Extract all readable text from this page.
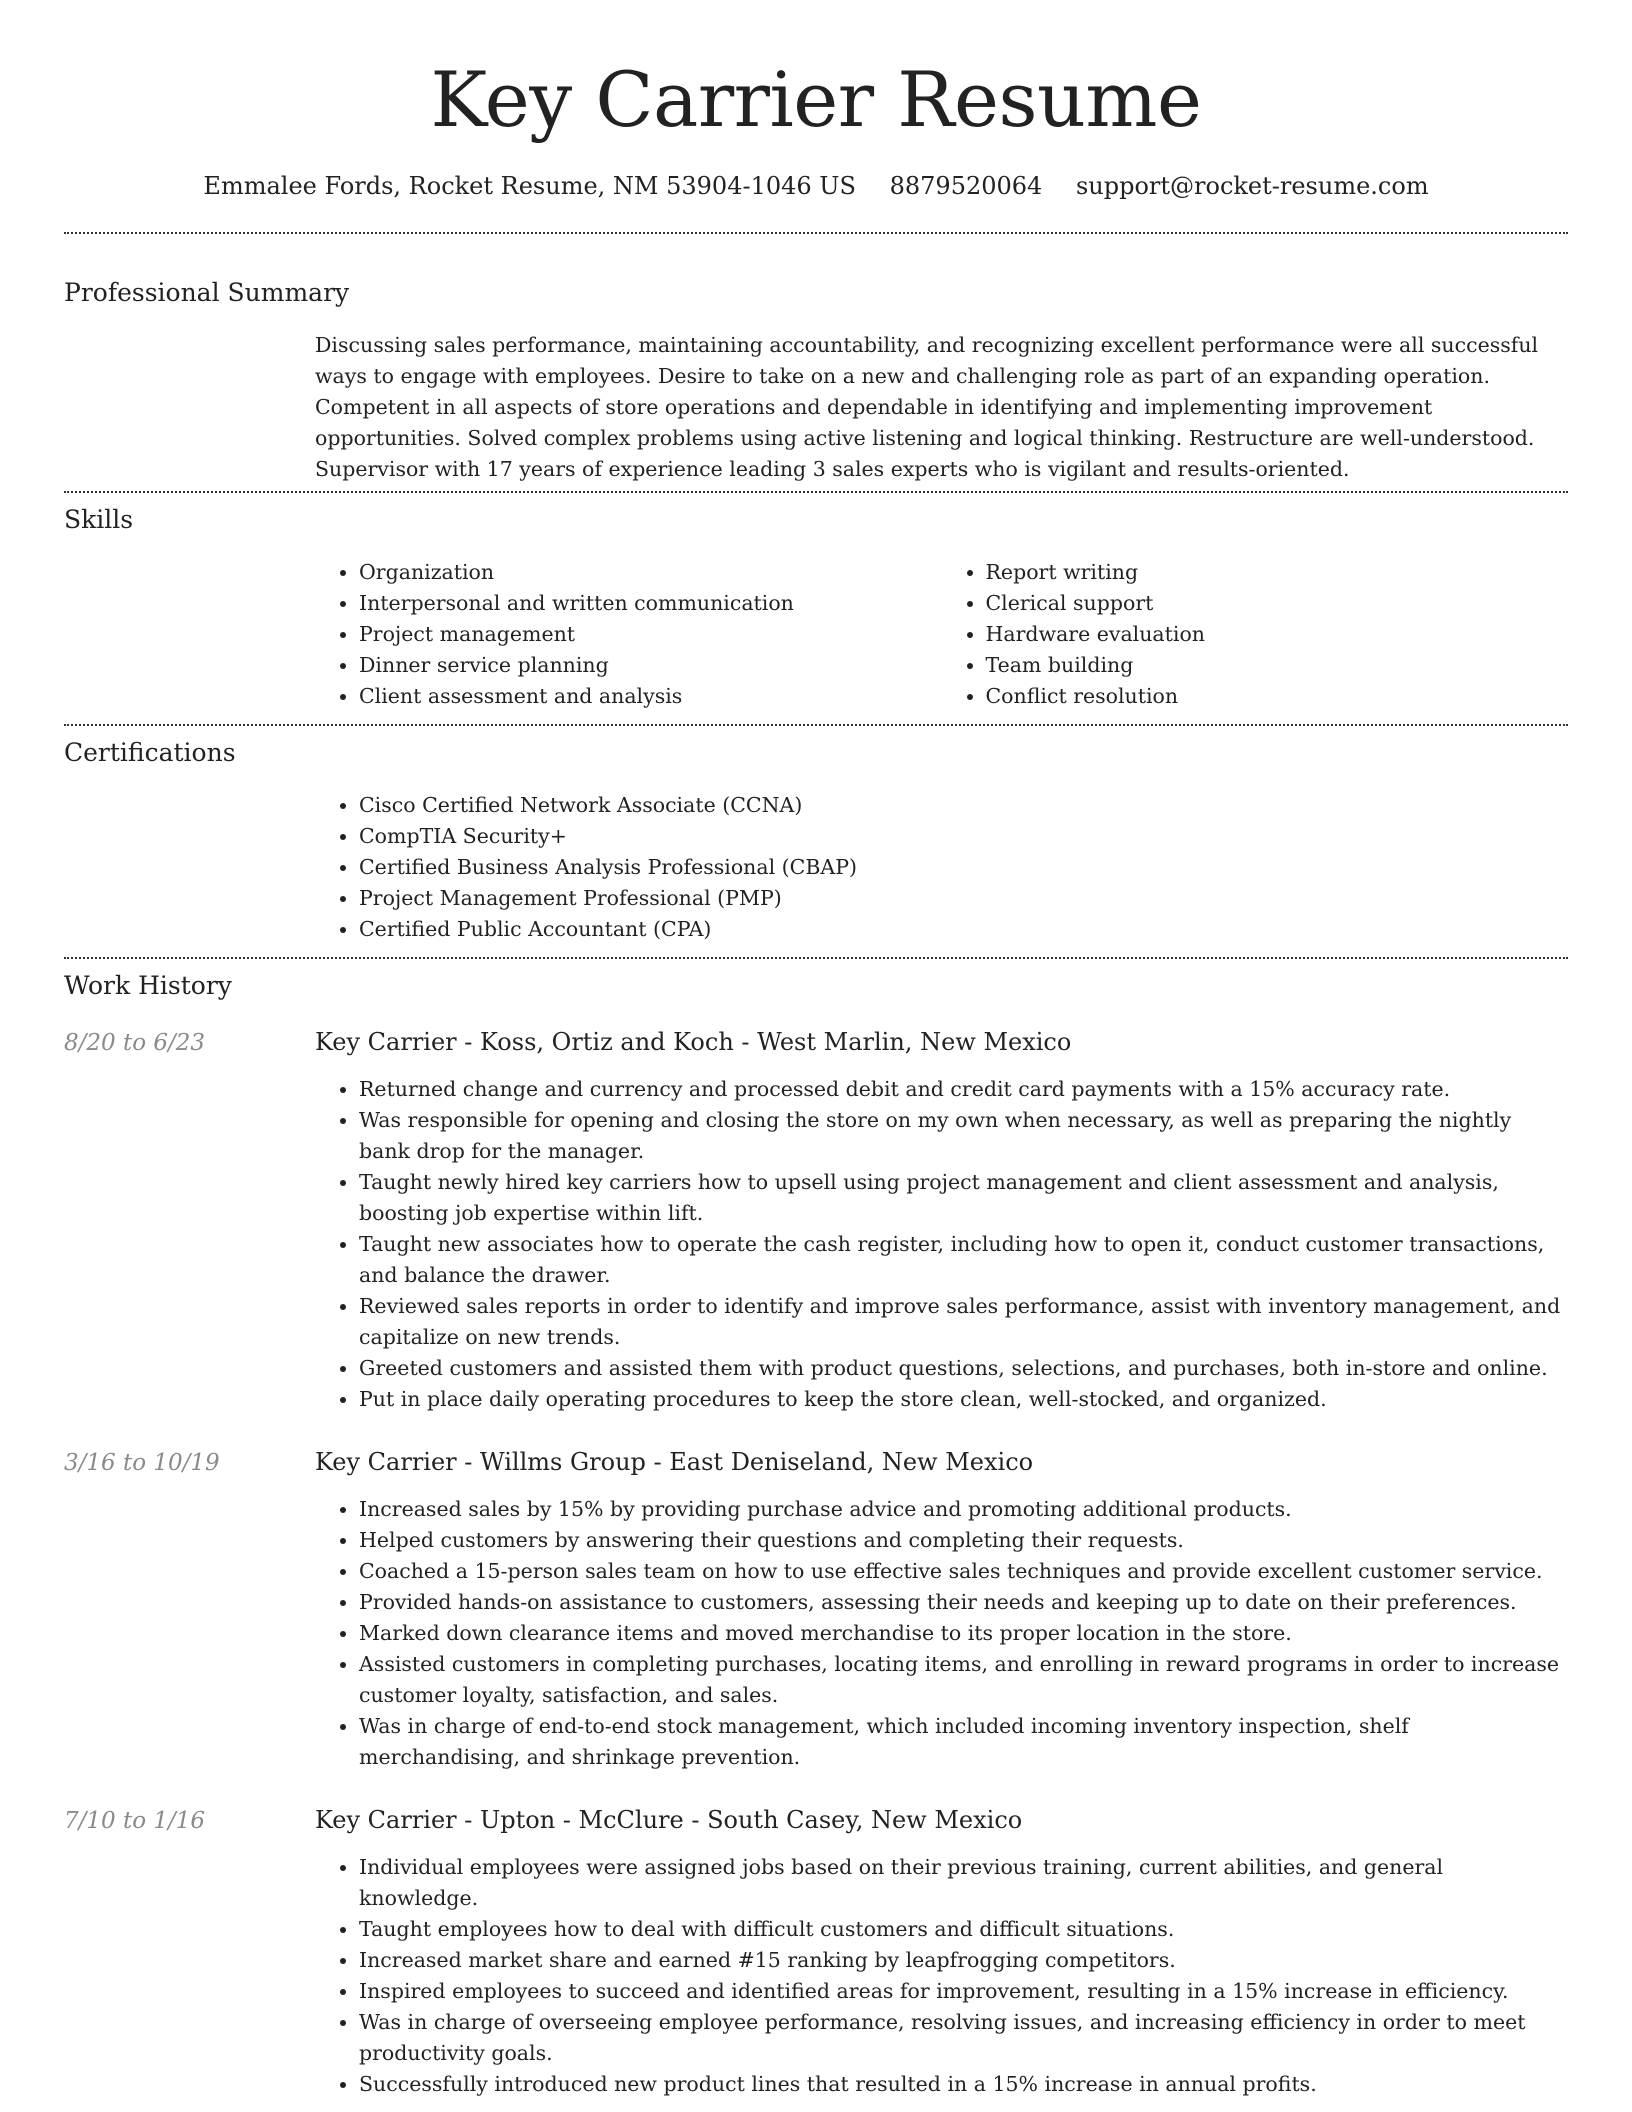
Key Carrier Resume
Emmalee Fords, Rocket Resume, NM 53904-1046 US 8879520064 support@rocket-resume.com
Professional Summary

Discussing sales performance, maintaining accountability, and recognizing excellent performance were all successful ways to engage with employees. Desire to take on a new and challenging role as part of an expanding operation. Competent in all aspects of store operations and dependable in identifying and implementing improvement opportunities. Solved complex problems using active listening and logical thinking. Restructure are well-understood. Supervisor with 17 years of experience leading 3 sales experts who is vigilant and results-oriented.

Skills
• Organization
• Interpersonal and written communication
• Project management
• Dinner service planning
• Client assessment and analysis
• Report writing
• Clerical support
• Hardware evaluation
• Team building
• Conflict resolution
Certifications
• Cisco Certified Network Associate (CCNA)
• CompTIA Security+
• Certified Business Analysis Professional (CBAP)
• Project Management Professional (PMP)
• Certified Public Accountant (CPA)
Work History
8/20 to 6/23	Key Carrier - Koss, Ortiz and Koch - West Marlin, New Mexico
• Returned change and currency and processed debit and credit card payments with a 15% accuracy rate.
• Was responsible for opening and closing the store on my own when necessary, as well as preparing the nightly bank drop for the manager.
• Taught newly hired key carriers how to upsell using project management and client assessment and analysis, boosting job expertise within lift.
• Taught new associates how to operate the cash register, including how to open it, conduct customer transactions, and balance the drawer.
• Reviewed sales reports in order to identify and improve sales performance, assist with inventory management, and capitalize on new trends.
• Greeted customers and assisted them with product questions, selections, and purchases, both in-store and online.
• Put in place daily operating procedures to keep the store clean, well-stocked, and organized.
3/16 to 10/19	Key Carrier - Willms Group - East Deniseland, New Mexico
• Increased sales by 15% by providing purchase advice and promoting additional products.
• Helped customers by answering their questions and completing their requests.
• Coached a 15-person sales team on how to use effective sales techniques and provide excellent customer service.
• Provided hands-on assistance to customers, assessing their needs and keeping up to date on their preferences.
• Marked down clearance items and moved merchandise to its proper location in the store.
• Assisted customers in completing purchases, locating items, and enrolling in reward programs in order to increase customer loyalty, satisfaction, and sales.
• Was in charge of end-to-end stock management, which included incoming inventory inspection, shelf merchandising, and shrinkage prevention.
7/10 to 1/16	Key Carrier - Upton - McClure - South Casey, New Mexico
• Individual employees were assigned jobs based on their previous training, current abilities, and general knowledge.
• Taught employees how to deal with difficult customers and difficult situations.
• Increased market share and earned #15 ranking by leapfrogging competitors.
• Inspired employees to succeed and identified areas for improvement, resulting in a 15% increase in efficiency.
• Was in charge of overseeing employee performance, resolving issues, and increasing efficiency in order to meet productivity goals.
• Successfully introduced new product lines that resulted in a 15% increase in annual profits.
